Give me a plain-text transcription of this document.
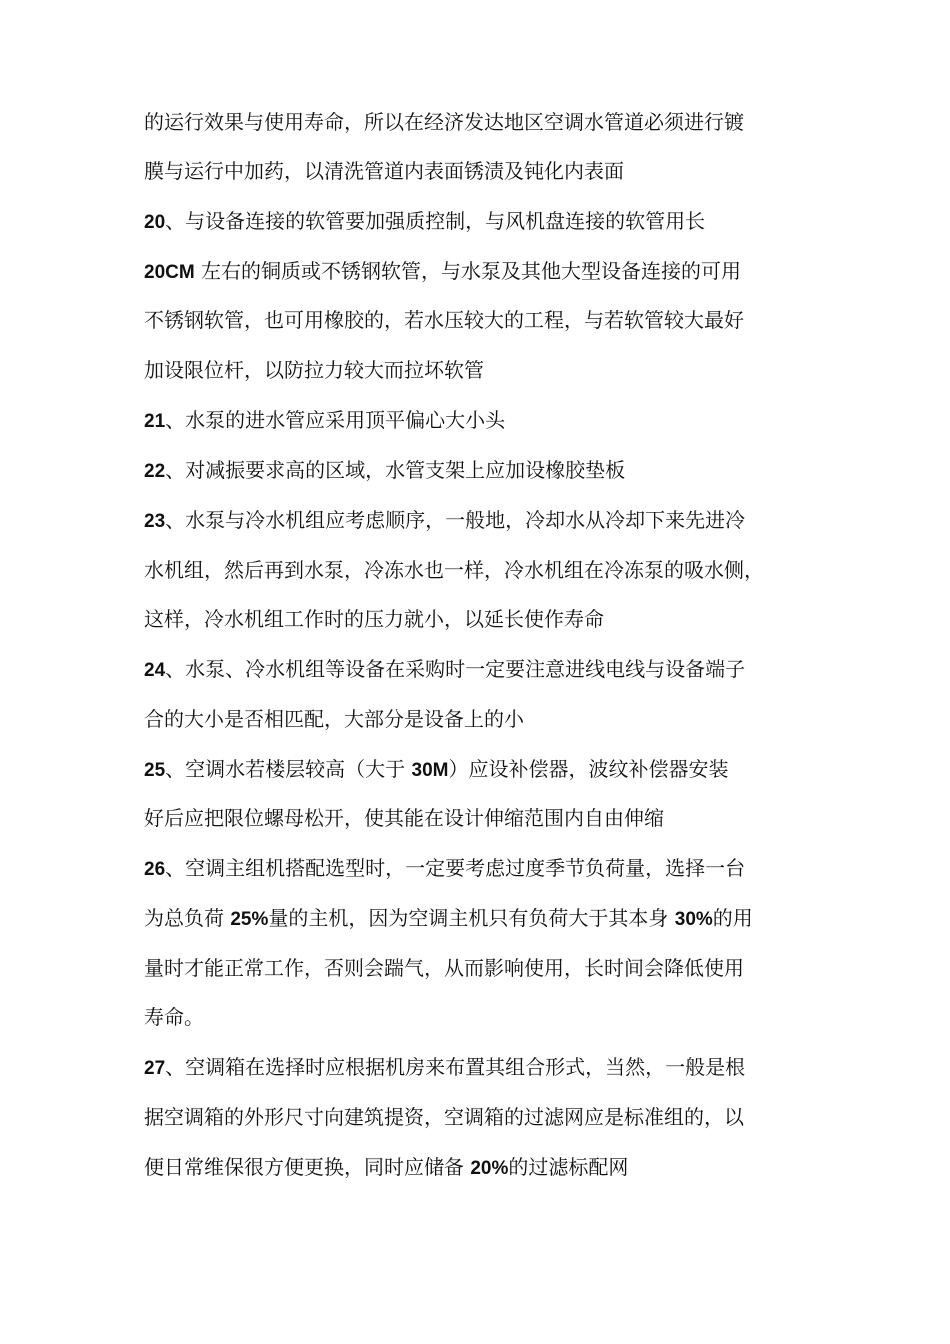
的运行效果与使用寿命，所以在经济发达地区空调水管道必须进行镀
膜与运行中加药，以清洗管道内表面锈渍及钝化内表面
20、与设备连接的软管要加强质控制，与风机盘连接的软管用长
20CM 左右的铜质或不锈钢软管，与水泵及其他大型设备连接的可用
不锈钢软管，也可用橡胶的，若水压较大的工程，与若软管较大最好
加设限位杆，以防拉力较大而拉坏软管
21、水泵的进水管应采用顶平偏心大小头
22、对减振要求高的区域，水管支架上应加设橡胶垫板
23、水泵与冷水机组应考虑顺序，一般地，冷却水从冷却下来先进冷
水机组，然后再到水泵，冷冻水也一样，冷水机组在冷冻泵的吸水侧，
这样，冷水机组工作时的压力就小，以延长使作寿命
24、水泵、冷水机组等设备在采购时一定要注意进线电线与设备端子
合的大小是否相匹配，大部分是设备上的小
25、空调水若楼层较高（大于 30M）应设补偿器，波纹补偿器安装
好后应把限位螺母松开，使其能在设计伸缩范围内自由伸缩
26、空调主组机搭配选型时，一定要考虑过度季节负荷量，选择一台
为总负荷 25%量的主机，因为空调主机只有负荷大于其本身 30%的用
量时才能正常工作，否则会踹气，从而影响使用，长时间会降低使用
寿命。
27、空调箱在选择时应根据机房来布置其组合形式，当然，一般是根
据空调箱的外形尺寸向建筑提资，空调箱的过滤网应是标准组的，以
便日常维保很方便更换，同时应储备 20%的过滤标配网
